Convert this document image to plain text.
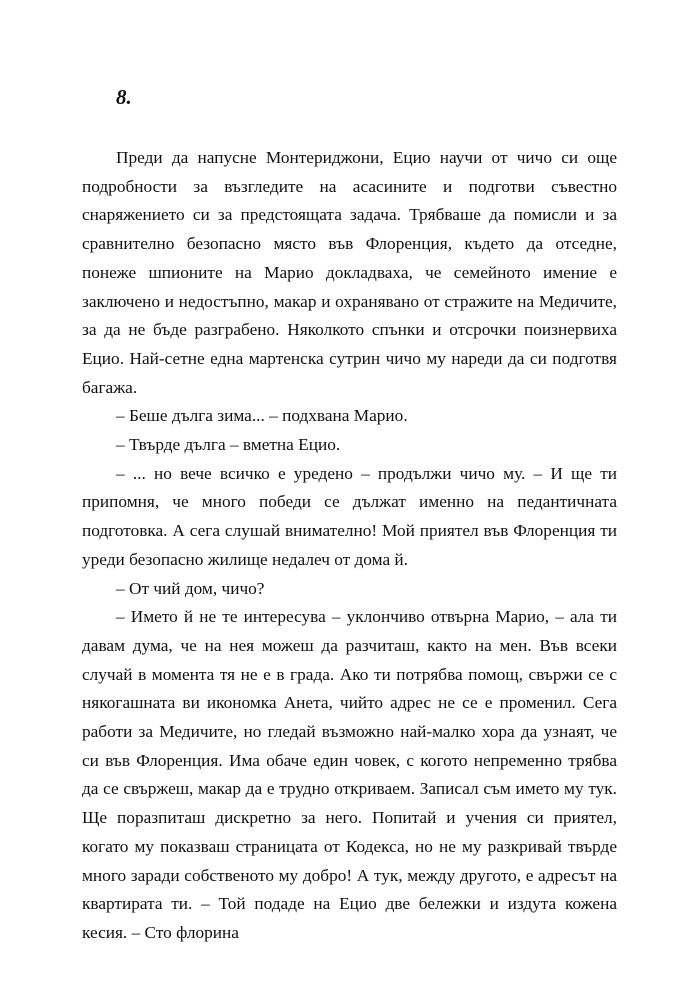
8.

Преди да напусне Монтериджони, Ецио научи от чичо си още подробности за възгледите на асасините и подготви съвестно снаряжението си за предстоящата задача. Трябваше да помисли и за сравнително безопасно място във Флоренция, където да отседне, понеже шпионите на Марио докладваха, че семейното имение е заключено и недостъпно, макар и охранявано от стражите на Медичите, за да не бъде разграбено. Няколкото спънки и отсрочки поизнервиха Ецио. Най-сетне една мартенска сутрин чичо му нареди да си подготвя багажа.

– Беше дълга зима... – подхвана Марио.

– Твърде дълга – вметна Ецио.

– ... но вече всичко е уредено – продължи чичо му. – И ще ти припомня, че много победи се дължат именно на педантичната подготовка. А сега слушай внимателно! Мой приятел във Флоренция ти уреди безопасно жилище недалеч от дома й.

– От чий дом, чичо?

– Името й не те интересува – уклончиво отвърна Марио, – ала ти давам дума, че на нея можеш да разчиташ, както на мен. Във всеки случай в момента тя не е в града. Ако ти потрябва помощ, свържи се с някогашната ви икономка Анета, чийто адрес не се е променил. Сега работи за Медичите, но гледай възможно най-малко хора да узнаят, че си във Флоренция. Има обаче един човек, с когото непременно трябва да се свържеш, макар да е трудно откриваем. Записал съм името му тук. Ще поразпиташ дискретно за него. Попитай и учения си приятел, когато му показваш страницата от Кодекса, но не му разкривай твърде много заради собственото му добро! А тук, между другото, е адресът на квартирата ти. – Той подаде на Ецио две бележки и издута кожена кесия. – Сто флорина
